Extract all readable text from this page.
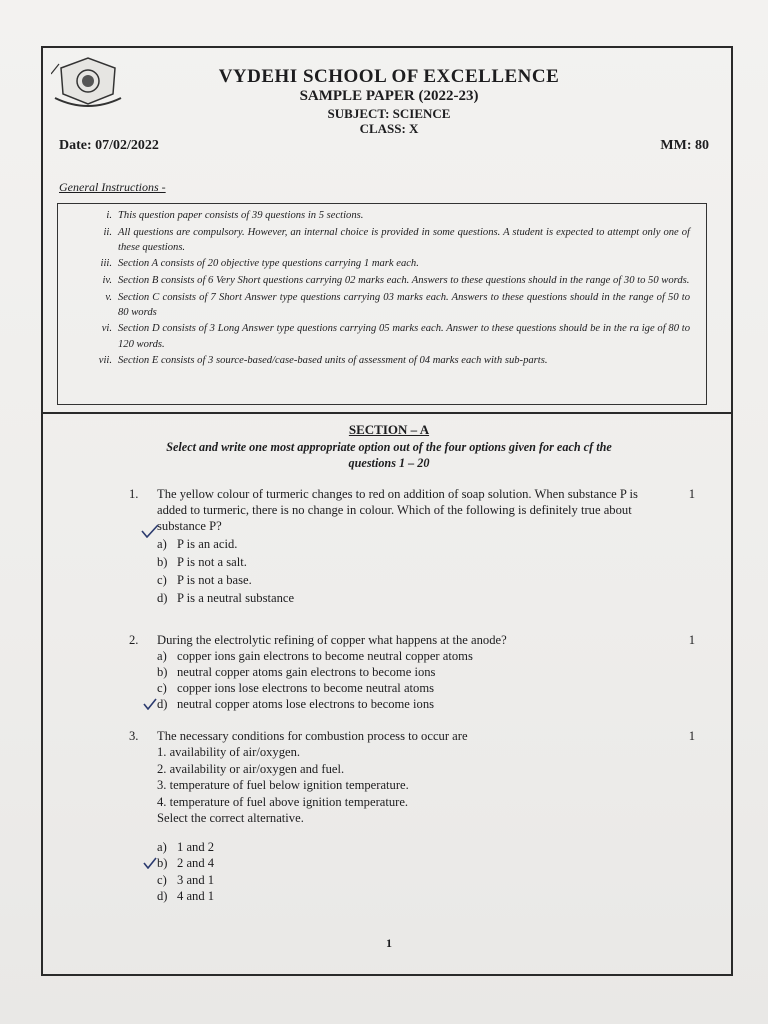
VYDEHI SCHOOL OF EXCELLENCE
SAMPLE PAPER (2022-23)
SUBJECT: SCIENCE
CLASS: X
Date: 07/02/2022	MM: 80
General Instructions -
i. This question paper consists of 39 questions in 5 sections.
ii. All questions are compulsory. However, an internal choice is provided in some questions. A student is expected to attempt only one of these questions.
iii. Section A consists of 20 objective type questions carrying 1 mark each.
iv. Section B consists of 6 Very Short questions carrying 02 marks each. Answers to these questions should in the range of 30 to 50 words.
v. Section C consists of 7 Short Answer type questions carrying 03 marks each. Answers to these questions should in the range of 50 to 80 words
vi. Section D consists of 3 Long Answer type questions carrying 05 marks each. Answer to these questions should be in the ra ige of 80 to 120 words.
vii. Section E consists of 3 source-based/case-based units of assessment of 04 marks each with sub-parts.
SECTION – A
Select and write one most appropriate option out of the four options given for each cf the questions 1 – 20
1. The yellow colour of turmeric changes to red on addition of soap solution. When substance P is added to turmeric, there is no change in colour. Which of the following is definitely true about substance P?
1
a) P is an acid.
b) P is not a salt.
c) P is not a base.
d) P is a neutral substance
2. During the electrolytic refining of copper what happens at the anode?	1
a) copper ions gain electrons to become neutral copper atoms
b) neutral copper atoms gain electrons to become ions
c) copper ions lose electrons to become neutral atoms
d) neutral copper atoms lose electrons to become ions
3. The necessary conditions for combustion process to occur are	1
1. availability of air/oxygen.
2. availability or air/oxygen and fuel.
3. temperature of fuel below ignition temperature.
4. temperature of fuel above ignition temperature.
Select the correct alternative.
a) 1 and 2
b) 2 and 4
c) 3 and 1
d) 4 and 1
1
